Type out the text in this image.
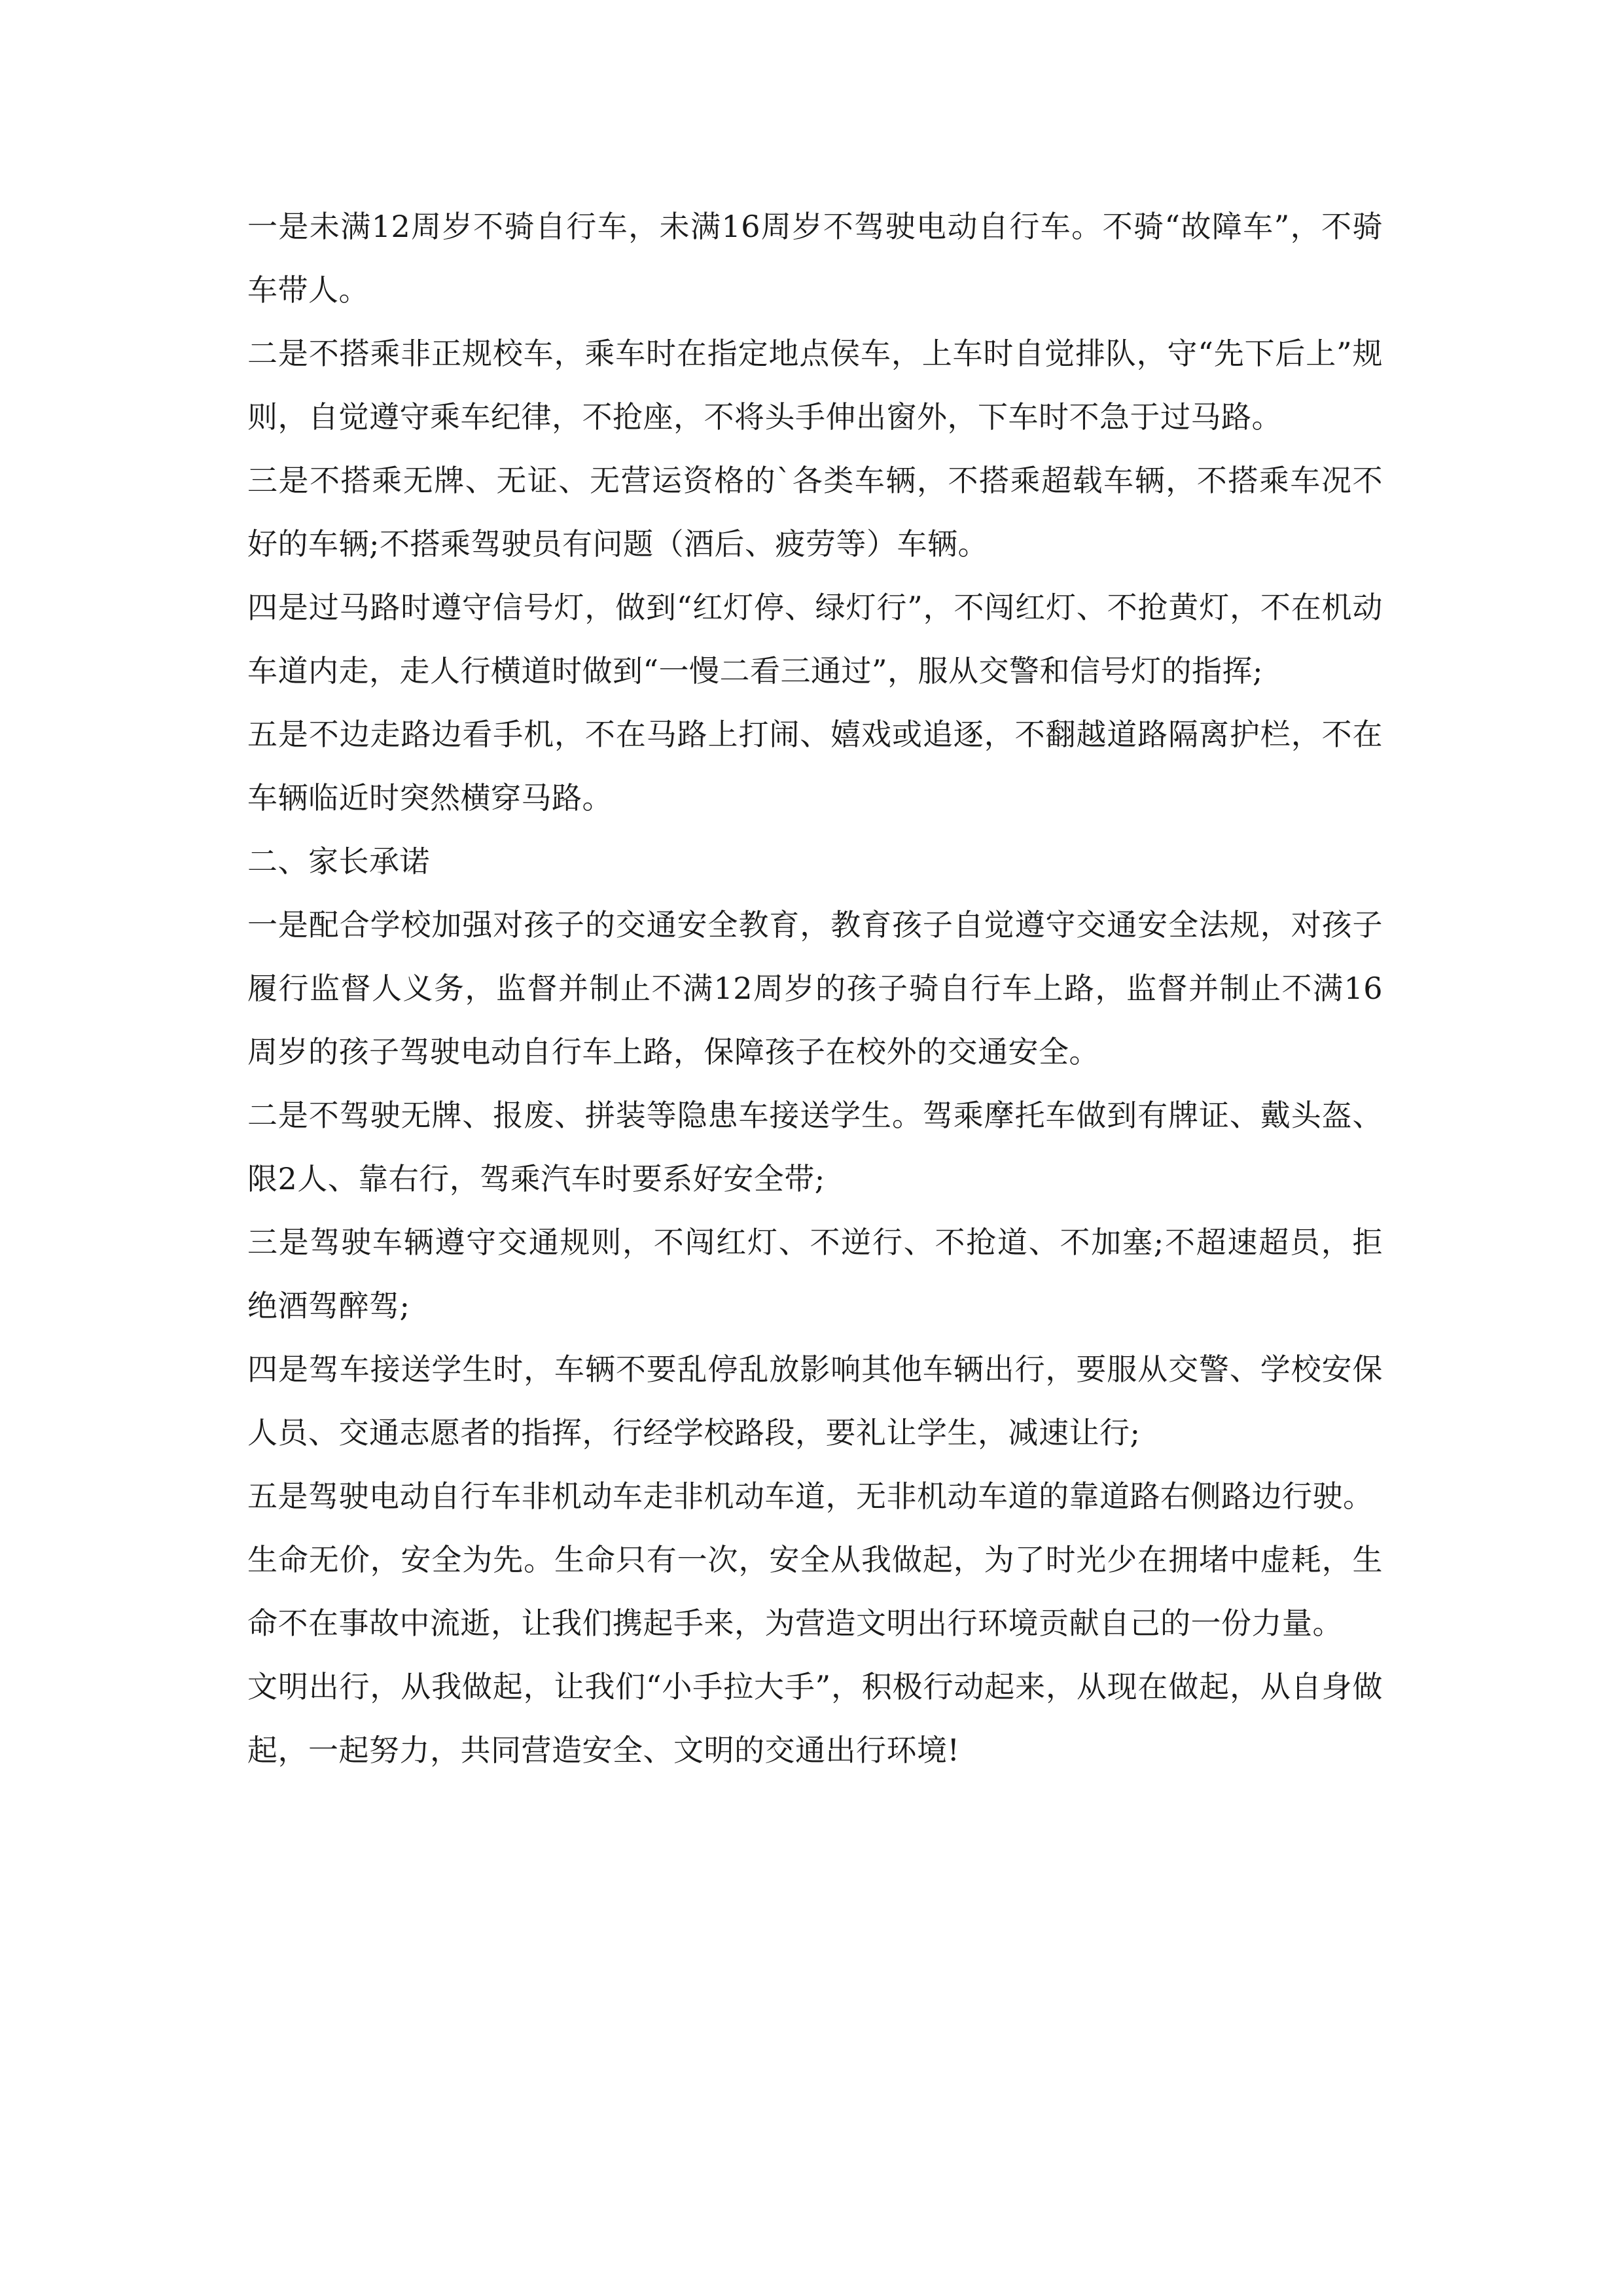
一是未满12周岁不骑自行车，未满16周岁不驾驶电动自行车。不骑“故障车”，不骑车带人。

二是不搭乘非正规校车，乘车时在指定地点侯车，上车时自觉排队，守“先下后上”规则，自觉遵守乘车纪律，不抢座，不将头手伸出窗外，下车时不急于过马路。

三是不搭乘无牌、无证、无营运资格的`各类车辆，不搭乘超载车辆，不搭乘车况不好的车辆;不搭乘驾驶员有问题（酒后、疲劳等）车辆。

四是过马路时遵守信号灯，做到“红灯停、绿灯行”，不闯红灯、不抢黄灯，不在机动车道内走，走人行横道时做到“一慢二看三通过”，服从交警和信号灯的指挥;

五是不边走路边看手机，不在马路上打闹、嬉戏或追逐，不翻越道路隔离护栏，不在车辆临近时突然横穿马路。

二、家长承诺

一是配合学校加强对孩子的交通安全教育，教育孩子自觉遵守交通安全法规，对孩子履行监督人义务，监督并制止不满12周岁的孩子骑自行车上路，监督并制止不满16周岁的孩子驾驶电动自行车上路，保障孩子在校外的交通安全。

二是不驾驶无牌、报废、拼装等隐患车接送学生。驾乘摩托车做到有牌证、戴头盔、限2人、靠右行，驾乘汽车时要系好安全带;

三是驾驶车辆遵守交通规则，不闯红灯、不逆行、不抢道、不加塞;不超速超员，拒绝酒驾醉驾;

四是驾车接送学生时，车辆不要乱停乱放影响其他车辆出行，要服从交警、学校安保人员、交通志愿者的指挥，行经学校路段，要礼让学生，减速让行;

五是驾驶电动自行车非机动车走非机动车道，无非机动车道的靠道路右侧路边行驶。

生命无价，安全为先。生命只有一次，安全从我做起，为了时光少在拥堵中虚耗，生命不在事故中流逝，让我们携起手来，为营造文明出行环境贡献自己的一份力量。

文明出行，从我做起，让我们“小手拉大手”，积极行动起来，从现在做起，从自身做起，一起努力，共同营造安全、文明的交通出行环境!
